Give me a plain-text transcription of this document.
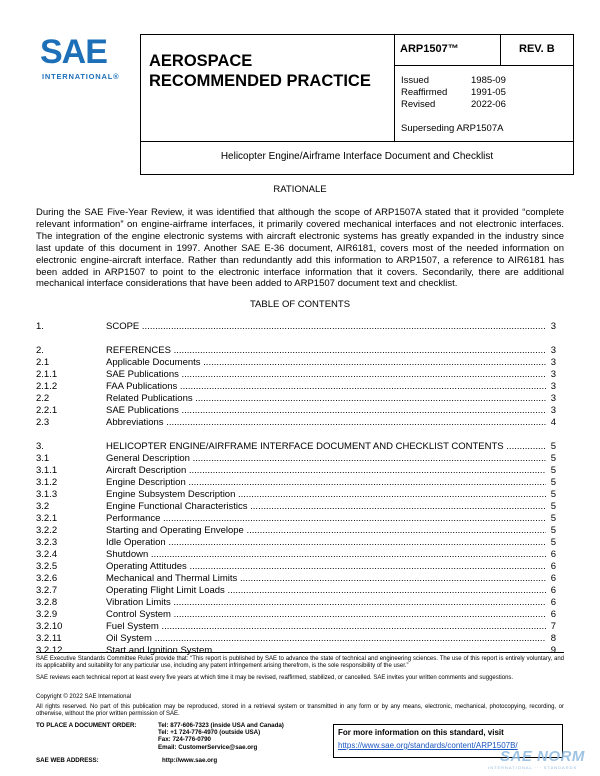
SAE
INTERNATIONAL®
AEROSPACE
RECOMMENDED PRACTICE
ARP1507™	REV. B
Issued	1985-09
Reaffirmed	1991-05
Revised	2022-06
Superseding ARP1507A
Helicopter Engine/Airframe Interface Document and Checklist
RATIONALE
During the SAE Five-Year Review, it was identified that although the scope of ARP1507A stated that it provided “complete relevant information” on engine-airframe interfaces, it primarily covered mechanical interfaces and not electronic interfaces. The integration of the engine electronic systems with aircraft electronic systems has greatly expanded in the industry since last update of this document in 1997. Another SAE E-36 document, AIR6181, covers most of the needed information on electronic engine-aircraft interface. Rather than redundantly add this information to ARP1507, a reference to AIR6181 has been added in ARP1507 to point to the electronic interface information that it covers. Secondarily, there are additional mechanical interface considerations that have been added to ARP1507 document text and checklist.
TABLE OF CONTENTS
1.	SCOPE .....	3
2.	REFERENCES .....	3
2.1	Applicable Documents .....	3
2.1.1	SAE Publications .....	3
2.1.2	FAA Publications .....	3
2.2	Related Publications .....	3
2.2.1	SAE Publications .....	3
2.3	Abbreviations .....	4
3.	HELICOPTER ENGINE/AIRFRAME INTERFACE DOCUMENT AND CHECKLIST CONTENTS .....	5
3.1	General Description .....	5
3.1.1	Aircraft Description .....	5
3.1.2	Engine Description .....	5
3.1.3	Engine Subsystem Description .....	5
3.2	Engine Functional Characteristics .....	5
3.2.1	Performance .....	5
3.2.2	Starting and Operating Envelope .....	5
3.2.3	Idle Operation .....	5
3.2.4	Shutdown .....	6
3.2.5	Operating Attitudes .....	6
3.2.6	Mechanical and Thermal Limits .....	6
3.2.7	Operating Flight Limit Loads .....	6
3.2.8	Vibration Limits .....	6
3.2.9	Control System .....	6
3.2.10	Fuel System .....	7
3.2.11	Oil System .....	8
3.2.12	Start and Ignition System .....	9
SAE Executive Standards Committee Rules provide that: “This report is published by SAE to advance the state of technical and engineering sciences. The use of this report is entirely voluntary, and its applicability and suitability for any particular use, including any patent infringement arising therefrom, is the sole responsibility of the user.”
SAE reviews each technical report at least every five years at which time it may be revised, reaffirmed, stabilized, or cancelled. SAE invites your written comments and suggestions.
Copyright © 2022 SAE International
All rights reserved. No part of this publication may be reproduced, stored in a retrieval system or transmitted in any form or by any means, electronic, mechanical, photocopying, recording, or otherwise, without the prior written permission of SAE.
TO PLACE A DOCUMENT ORDER:	Tel: 877-606-7323 (inside USA and Canada)
Tel: +1 724-776-4970 (outside USA)
Fax: 724-776-0790
Email: CustomerService@sae.org
SAE WEB ADDRESS:	http://www.sae.org
For more information on this standard, visit
https://www.sae.org/standards/content/ARP1507B/
SAE NORM
INTERNATIONAL ··· STANDARDS
